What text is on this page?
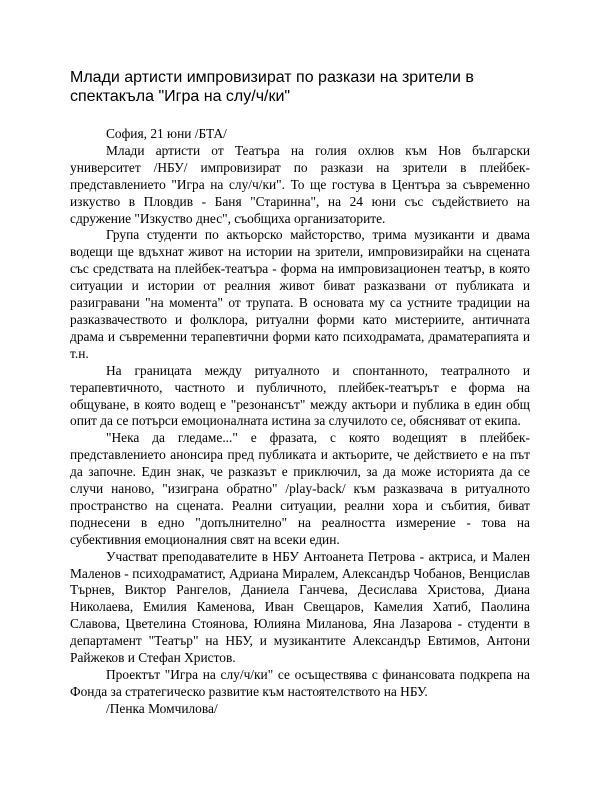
Млади артисти импровизират по разкази на зрители в спектакъла "Игра на слу/ч/ки"

София, 21 юни /БТА/

Млади артисти от Театъра на голия охлюв към Нов български университет /НБУ/ импровизират по разкази на зрители в плейбек-представлението "Игра на слу/ч/ки". То ще гостува в Центъра за съвременно изкуство в Пловдив - Баня "Старинна", на 24 юни със съдействието на сдружение "Изкуство днес", съобщиха организаторите.

Група студенти по актьорско майсторство, трима музиканти и двама водещи ще вдъхнат живот на истории на зрители, импровизирайки на сцената със средствата на плейбек-театъра - форма на импровизационен театър, в която ситуации и истории от реалния живот биват разказвани от публиката и разигравани "на момента" от трупата. В основата му са устните традиции на разказвачеството и фолклора, ритуални форми като мистериите, античната драма и съвременни терапевтични форми като психодрамата, драматерапията и т.н.

На границата между ритуалното и спонтанното, театралното и терапевтичното, частното и публичното, плейбек-театърът е форма на общуване, в която водещ е "резонансът" между актьори и публика в един общ опит да се потърси емоционалната истина за случилото се, обясняват от екипа.

"Нека да гледаме..." е фразата, с която водещият в плейбек-представлението анонсира пред публиката и актьорите, че действието е на път да започне. Един знак, че разказът е приключил, за да може историята да се случи наново, "изиграна обратно" /play-back/ към разказвача в ритуалното пространство на сцената. Реални ситуации, реални хора и събития, биват поднесени в едно "допълнително" на реалността измерение - това на субективния емоционалния свят на всеки един.

Участват преподавателите в НБУ Антоанета Петрова - актриса, и Мален Маленов - психодраматист, Адриана Миралем, Александър Чобанов, Венцислав Търнев, Виктор Рангелов, Даниела Ганчева, Десислава Христова, Диана Николаева, Емилия Каменова, Иван Свещаров, Камелия Хатиб, Паолина Славова, Цветелина Стоянова, Юлияна Миланова, Яна Лазарова - студенти в департамент "Театър" на НБУ, и музикантите Александър Евтимов, Антони Райжеков и Стефан Христов.

Проектът "Игра на слу/ч/ки" се осъществява с финансовата подкрепа на Фонда за стратегическо развитие към настоятелството на НБУ.

/Пенка Момчилова/
